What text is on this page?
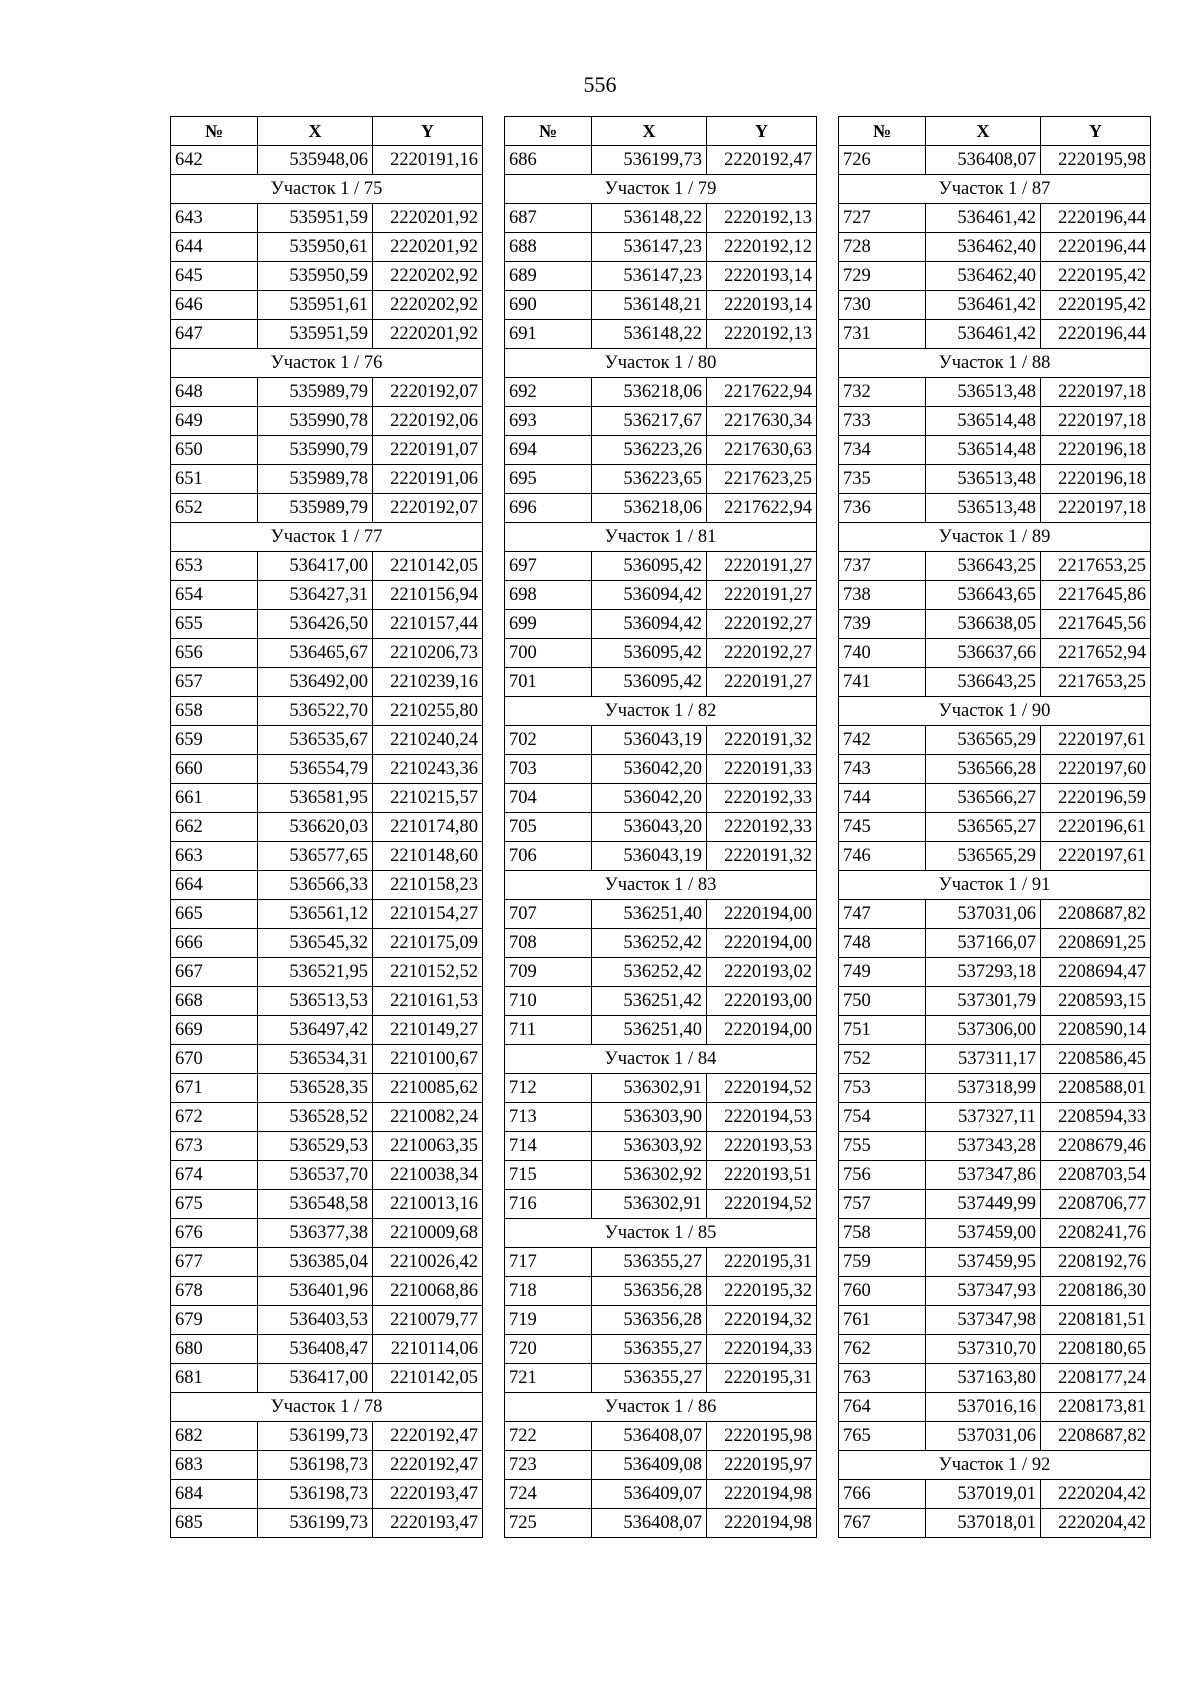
556
№	X	Y
642	535948,06	2220191,16
Участок 1 / 75		
643	535951,59	2220201,92
644	535950,61	2220201,92
645	535950,59	2220202,92
646	535951,61	2220202,92
647	535951,59	2220201,92
Участок 1 / 76		
648	535989,79	2220192,07
649	535990,78	2220192,06
650	535990,79	2220191,07
651	535989,78	2220191,06
652	535989,79	2220192,07
Участок 1 / 77		
653	536417,00	2210142,05
654	536427,31	2210156,94
655	536426,50	2210157,44
656	536465,67	2210206,73
657	536492,00	2210239,16
658	536522,70	2210255,80
659	536535,67	2210240,24
660	536554,79	2210243,36
661	536581,95	2210215,57
662	536620,03	2210174,80
663	536577,65	2210148,60
664	536566,33	2210158,23
665	536561,12	2210154,27
666	536545,32	2210175,09
667	536521,95	2210152,52
668	536513,53	2210161,53
669	536497,42	2210149,27
670	536534,31	2210100,67
671	536528,35	2210085,62
672	536528,52	2210082,24
673	536529,53	2210063,35
674	536537,70	2210038,34
675	536548,58	2210013,16
676	536377,38	2210009,68
677	536385,04	2210026,42
678	536401,96	2210068,86
679	536403,53	2210079,77
680	536408,47	2210114,06
681	536417,00	2210142,05
Участок 1 / 78		
682	536199,73	2220192,47
683	536198,73	2220192,47
684	536198,73	2220193,47
685	536199,73	2220193,47
№	X	Y
686	536199,73	2220192,47
Участок 1 / 79		
687	536148,22	2220192,13
688	536147,23	2220192,12
689	536147,23	2220193,14
690	536148,21	2220193,14
691	536148,22	2220192,13
Участок 1 / 80		
692	536218,06	2217622,94
693	536217,67	2217630,34
694	536223,26	2217630,63
695	536223,65	2217623,25
696	536218,06	2217622,94
Участок 1 / 81		
697	536095,42	2220191,27
698	536094,42	2220191,27
699	536094,42	2220192,27
700	536095,42	2220192,27
701	536095,42	2220191,27
Участок 1 / 82		
702	536043,19	2220191,32
703	536042,20	2220191,33
704	536042,20	2220192,33
705	536043,20	2220192,33
706	536043,19	2220191,32
Участок 1 / 83		
707	536251,40	2220194,00
708	536252,42	2220194,00
709	536252,42	2220193,02
710	536251,42	2220193,00
711	536251,40	2220194,00
Участок 1 / 84		
712	536302,91	2220194,52
713	536303,90	2220194,53
714	536303,92	2220193,53
715	536302,92	2220193,51
716	536302,91	2220194,52
Участок 1 / 85		
717	536355,27	2220195,31
718	536356,28	2220195,32
719	536356,28	2220194,32
720	536355,27	2220194,33
721	536355,27	2220195,31
Участок 1 / 86		
722	536408,07	2220195,98
723	536409,08	2220195,97
724	536409,07	2220194,98
725	536408,07	2220194,98
№	X	Y
726	536408,07	2220195,98
Участок 1 / 87		
727	536461,42	2220196,44
728	536462,40	2220196,44
729	536462,40	2220195,42
730	536461,42	2220195,42
731	536461,42	2220196,44
Участок 1 / 88		
732	536513,48	2220197,18
733	536514,48	2220197,18
734	536514,48	2220196,18
735	536513,48	2220196,18
736	536513,48	2220197,18
Участок 1 / 89		
737	536643,25	2217653,25
738	536643,65	2217645,86
739	536638,05	2217645,56
740	536637,66	2217652,94
741	536643,25	2217653,25
Участок 1 / 90		
742	536565,29	2220197,61
743	536566,28	2220197,60
744	536566,27	2220196,59
745	536565,27	2220196,61
746	536565,29	2220197,61
Участок 1 / 91		
747	537031,06	2208687,82
748	537166,07	2208691,25
749	537293,18	2208694,47
750	537301,79	2208593,15
751	537306,00	2208590,14
752	537311,17	2208586,45
753	537318,99	2208588,01
754	537327,11	2208594,33
755	537343,28	2208679,46
756	537347,86	2208703,54
757	537449,99	2208706,77
758	537459,00	2208241,76
759	537459,95	2208192,76
760	537347,93	2208186,30
761	537347,98	2208181,51
762	537310,70	2208180,65
763	537163,80	2208177,24
764	537016,16	2208173,81
765	537031,06	2208687,82
Участок 1 / 92		
766	537019,01	2220204,42
767	537018,01	2220204,42
